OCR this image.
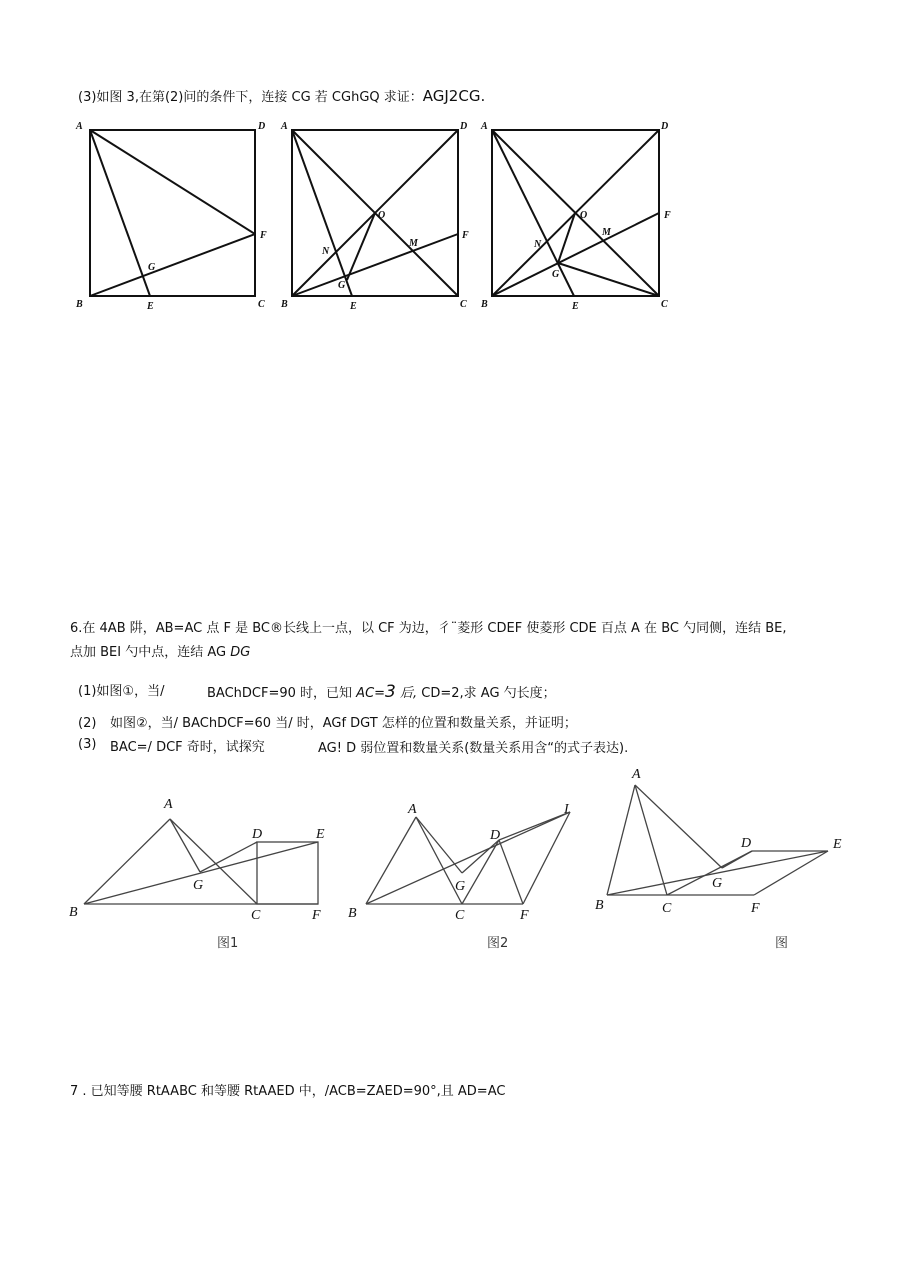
(3)如图 3,在第(2)问的条件下，连接 CG 若 CGhGQ 求证：AGJ2CG.
A	D
B	C
E
F
G
A	D
B	C
E
F
O
N
M
G
A	D
B	C
E
F
O
N
M
G
6.在 4AB 阱，AB=AC 点 F 是 BC®长线上一点，以 CF 为边，彳¨菱形 CDEF 使菱形 CDE 百点 A 在 BC 勺同侧，连结 BE,
点加 BEI 勺中点，连结 AG DG
(1)如图①，当/	BAChDCF=90 时，已知 AC=3 后, CD=2,求 AG 勺长度；
(2) 如图②，当/ BAChDCF=60 当/ 时，AGf DGT 怎样的位置和数量关系，并证明；
(3) BAC=/ DCF 奇时，试探究	AG! D 弱位置和数量关系(数量关系用含“的式子表达).
A
D	E
G
B	C	F
图1
A
D
I
G
B	C	F
图2
A
D	E
G
B	C	F
图
7 . 已知等腰 RtAABC 和等腰 RtAAED 中，/ACB=ZAED=90°,且 AD=AC
